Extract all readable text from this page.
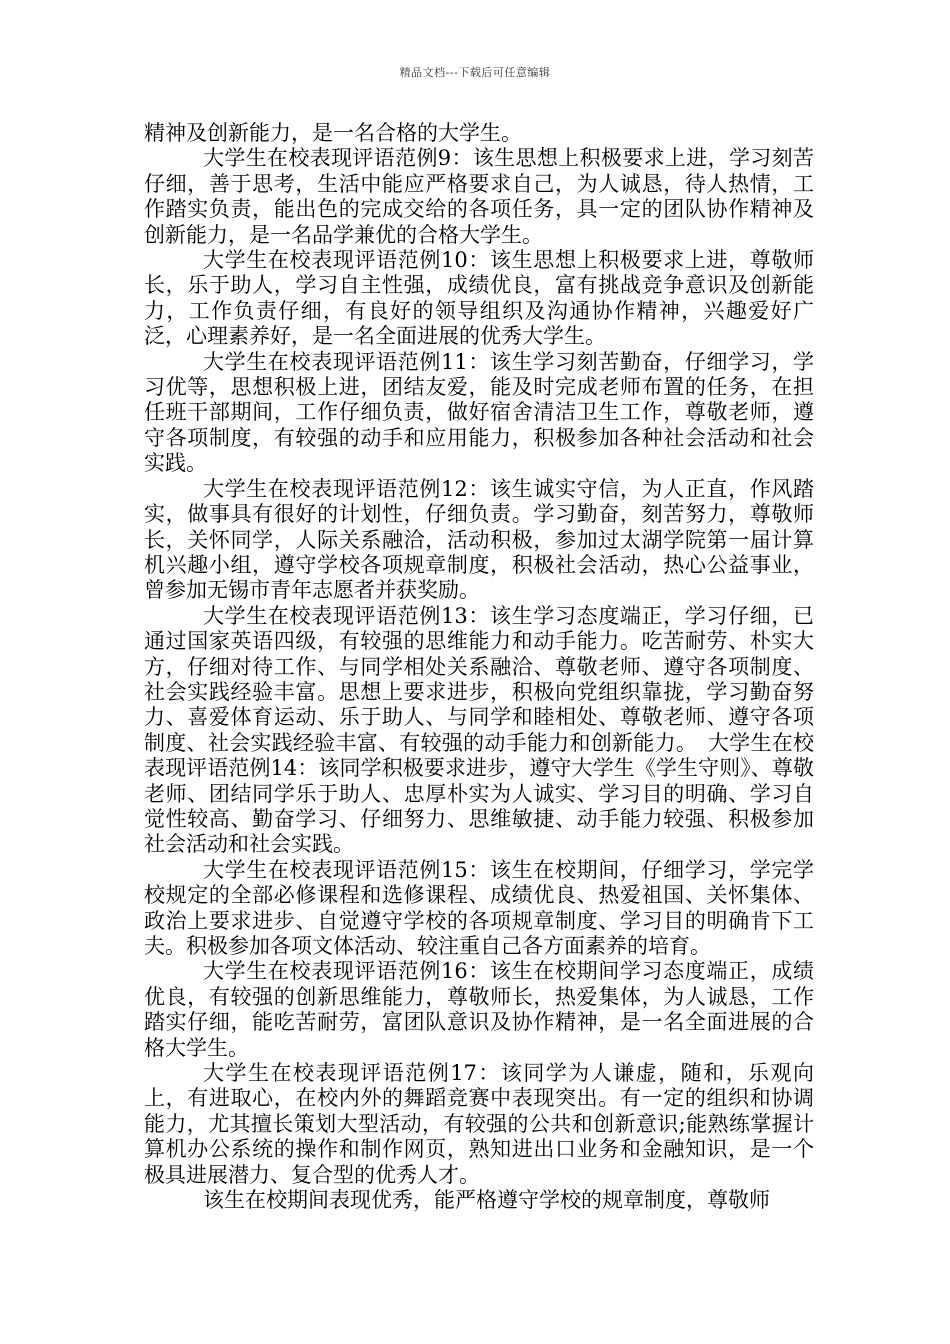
精品文档---下载后可任意编辑

精神及创新能力，是一名合格的大学生。

大学生在校表现评语范例9：该生思想上积极要求上进，学习刻苦仔细，善于思考，生活中能应严格要求自己，为人诚恳，待人热情，工作踏实负责，能出色的完成交给的各项任务，具一定的团队协作精神及创新能力，是一名品学兼优的合格大学生。

大学生在校表现评语范例10：该生思想上积极要求上进，尊敬师长，乐于助人，学习自主性强，成绩优良，富有挑战竞争意识及创新能力，工作负责仔细，有良好的领导组织及沟通协作精神，兴趣爱好广泛，心理素养好，是一名全面进展的优秀大学生。

大学生在校表现评语范例11：该生学习刻苦勤奋，仔细学习，学习优等，思想积极上进，团结友爱，能及时完成老师布置的任务，在担任班干部期间，工作仔细负责，做好宿舍清洁卫生工作，尊敬老师，遵守各项制度，有较强的动手和应用能力，积极参加各种社会活动和社会实践。

大学生在校表现评语范例12：该生诚实守信，为人正直，作风踏实，做事具有很好的计划性，仔细负责。学习勤奋，刻苦努力，尊敬师长，关怀同学，人际关系融洽，活动积极，参加过太湖学院第一届计算机兴趣小组，遵守学校各项规章制度，积极社会活动，热心公益事业，曾参加无锡市青年志愿者并获奖励。

大学生在校表现评语范例13：该生学习态度端正，学习仔细，已通过国家英语四级，有较强的思维能力和动手能力。吃苦耐劳、朴实大方，仔细对待工作、与同学相处关系融洽、尊敬老师、遵守各项制度、社会实践经验丰富。思想上要求进步，积极向党组织靠拢，学习勤奋努力、喜爱体育运动、乐于助人、与同学和睦相处、尊敬老师、遵守各项制度、社会实践经验丰富、有较强的动手能力和创新能力。　大学生在校表现评语范例14：该同学积极要求进步，遵守大学生《学生守则》、尊敬老师、团结同学乐于助人、忠厚朴实为人诚实、学习目的明确、学习自觉性较高、勤奋学习、仔细努力、思维敏捷、动手能力较强、积极参加社会活动和社会实践。

大学生在校表现评语范例15：该生在校期间，仔细学习，学完学校规定的全部必修课程和选修课程、成绩优良、热爱祖国、关怀集体、政治上要求进步、自觉遵守学校的各项规章制度、学习目的明确肯下工夫。积极参加各项文体活动、较注重自己各方面素养的培育。

大学生在校表现评语范例16：该生在校期间学习态度端正，成绩优良，有较强的创新思维能力，尊敬师长，热爱集体，为人诚恳，工作踏实仔细，能吃苦耐劳，富团队意识及协作精神，是一名全面进展的合格大学生。

大学生在校表现评语范例17：该同学为人谦虚，随和，乐观向上，有进取心，在校内外的舞蹈竞赛中表现突出。有一定的组织和协调能力，尤其擅长策划大型活动，有较强的公共和创新意识;能熟练掌握计算机办公系统的操作和制作网页，熟知进出口业务和金融知识，是一个极具进展潜力、复合型的优秀人才。

该生在校期间表现优秀，能严格遵守学校的规章制度，尊敬师
